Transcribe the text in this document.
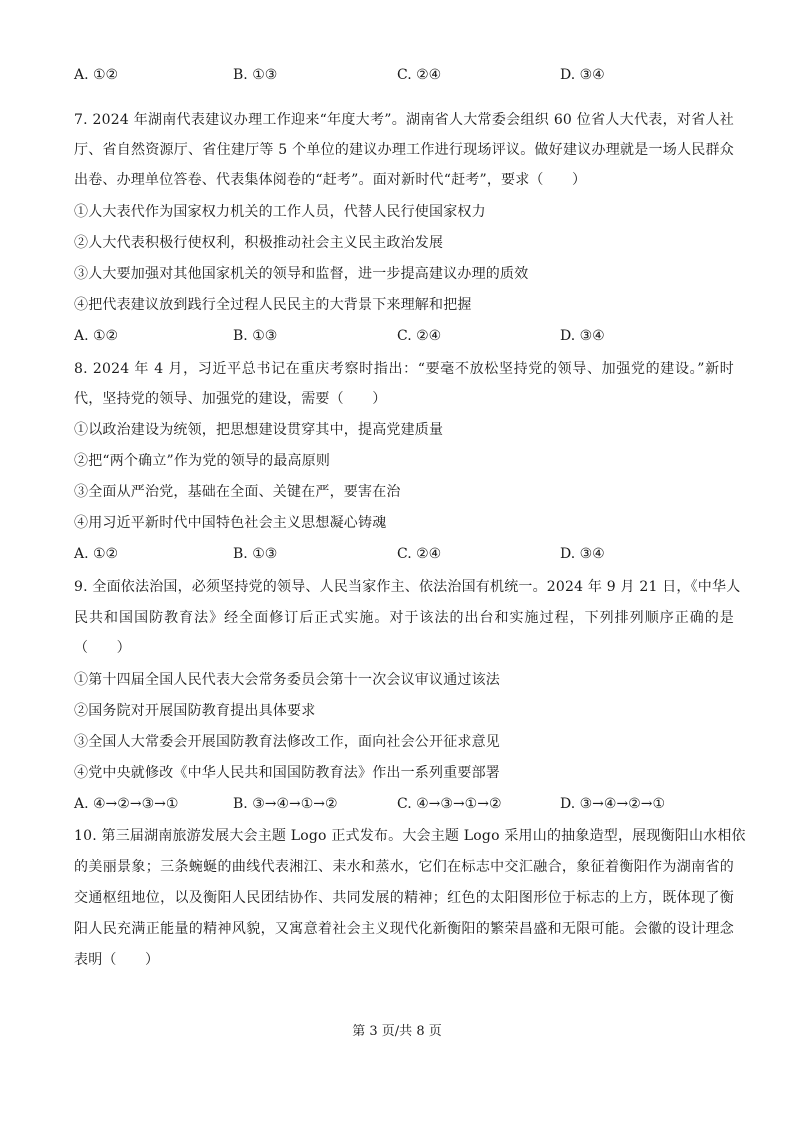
A. ①②	B. ①③	C. ②④	D. ③④
7. 2024 年湖南代表建议办理工作迎来“年度大考”。湖南省人大常委会组织 60 位省人大代表，对省人社
厅、省自然资源厅、省住建厅等 5 个单位的建议办理工作进行现场评议。做好建议办理就是一场人民群众
出卷、办理单位答卷、代表集体阅卷的“赶考”。面对新时代“赶考”，要求（　　）
①人大表代作为国家权力机关的工作人员，代替人民行使国家权力
②人大代表积极行使权利，积极推动社会主义民主政治发展
③人大要加强对其他国家机关的领导和监督，进一步提高建议办理的质效
④把代表建议放到践行全过程人民民主的大背景下来理解和把握
A. ①②	B. ①③	C. ②④	D. ③④
8. 2024 年 4 月，习近平总书记在重庆考察时指出：“要毫不放松坚持党的领导、加强党的建设。”新时
代，坚持党的领导、加强党的建设，需要（　　）
①以政治建设为统领，把思想建设贯穿其中，提高党建质量
②把“两个确立”作为党的领导的最高原则
③全面从严治党，基础在全面、关键在严，要害在治
④用习近平新时代中国特色社会主义思想凝心铸魂
A. ①②	B. ①③	C. ②④	D. ③④
9. 全面依法治国，必须坚持党的领导、人民当家作主、依法治国有机统一。2024 年 9 月 21 日，《中华人
民共和国国防教育法》经全面修订后正式实施。对于该法的出台和实施过程，下列排列顺序正确的是
（　　）
①第十四届全国人民代表大会常务委员会第十一次会议审议通过该法
②国务院对开展国防教育提出具体要求
③全国人大常委会开展国防教育法修改工作，面向社会公开征求意见
④党中央就修改《中华人民共和国国防教育法》作出一系列重要部署
A. ④→②→③→①	B. ③→④→①→②	C. ④→③→①→②	D. ③→④→②→①
10. 第三届湖南旅游发展大会主题 Logo 正式发布。大会主题 Logo 采用山的抽象造型，展现衡阳山水相依
的美丽景象；三条蜿蜒的曲线代表湘江、耒水和蒸水，它们在标志中交汇融合，象征着衡阳作为湖南省的
交通枢纽地位，以及衡阳人民团结协作、共同发展的精神；红色的太阳图形位于标志的上方，既体现了衡
阳人民充满正能量的精神风貌，又寓意着社会主义现代化新衡阳的繁荣昌盛和无限可能。会徽的设计理念
表明（　　）
第 3 页/共 8 页
